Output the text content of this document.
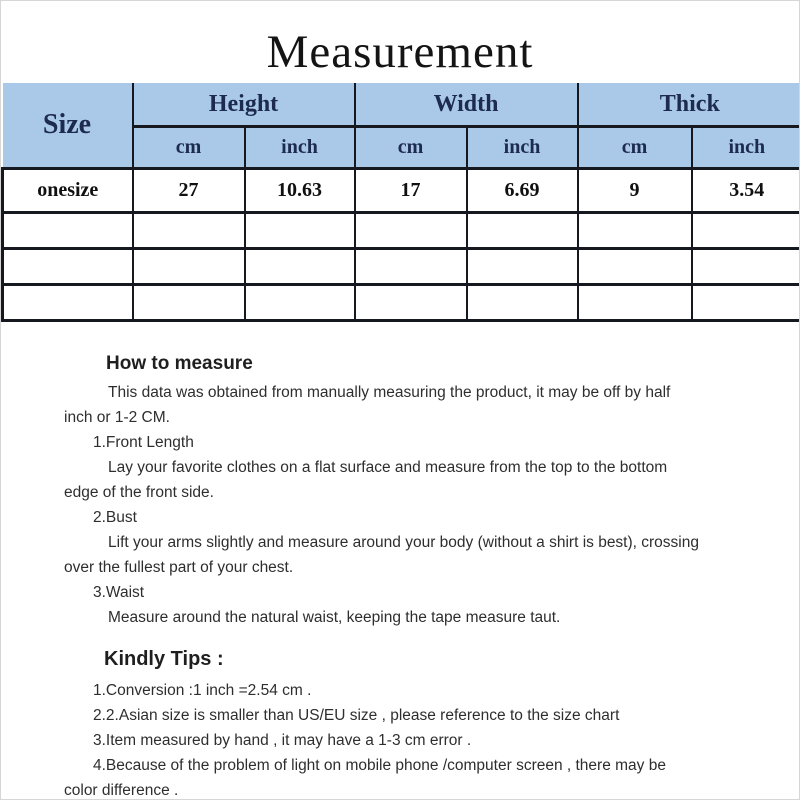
Measurement
Size	Height		Width		Thick	
	cm	inch	cm	inch	cm	inch
onesize	27	10.63	17	6.69	9	3.54

How to measure

This data was obtained from manually measuring the product, it may be off by half inch or 1-2 CM.

1.Front Length

Lay your favorite clothes on a flat surface and measure from the top to the bottom edge of the front side.

2.Bust

Lift your arms slightly and measure around your body (without a shirt is best), crossing over the fullest part of your chest.

3.Waist

Measure around the natural waist, keeping the tape measure taut.

Kindly Tips :

1.Conversion :1 inch =2.54 cm .

2.2.Asian size is smaller than US/EU size , please reference to the size chart

3.Item measured by hand , it may have a 1-3 cm error .

4.Because of the problem of light on mobile phone /computer screen , there may be color difference .
